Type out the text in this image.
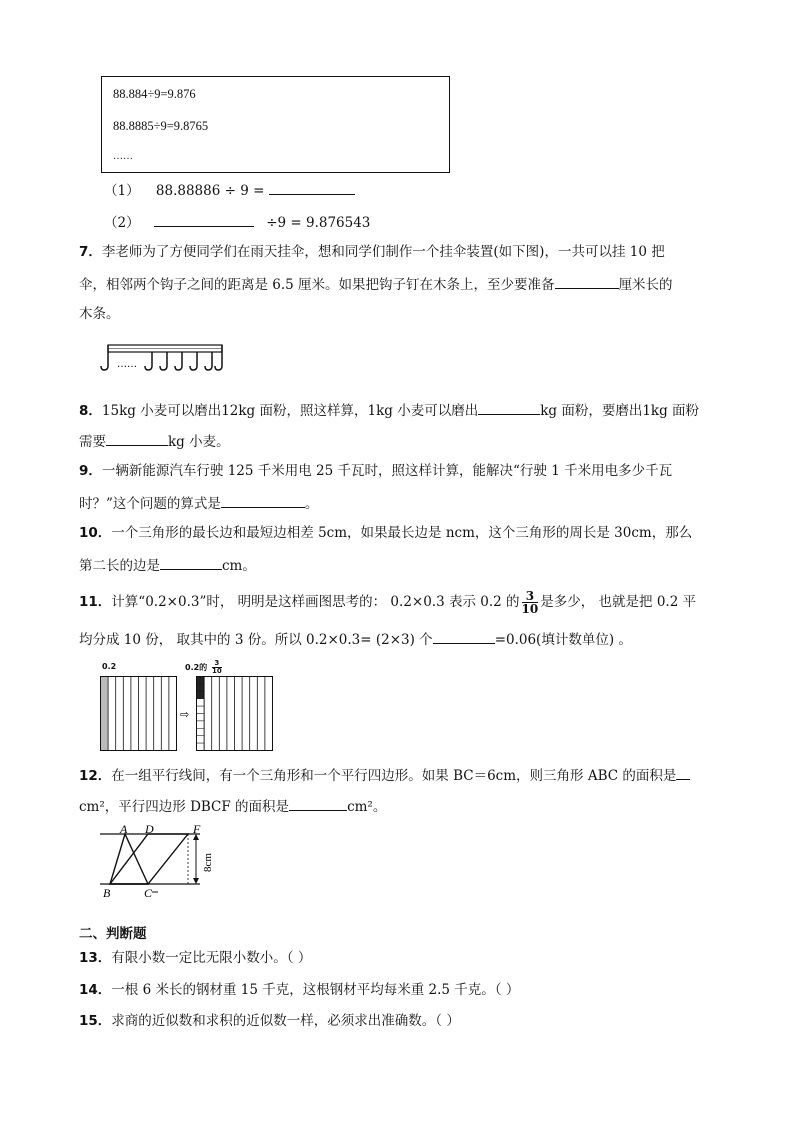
88.884÷9=9.876
88.8885÷9=9.8765
……
（1） 88.88886 ÷ 9 =
（2）	÷9 = 9.876543
7．李老师为了方便同学们在雨天挂伞，想和同学们制作一个挂伞装置(如下图)，一共可以挂 10 把
伞，相邻两个钩子之间的距离是 6.5 厘米。如果把钩子钉在木条上，至少要准备	厘米长的
木条。
……
8．15kg 小麦可以磨出12kg 面粉，照这样算，1kg 小麦可以磨出	kg 面粉，要磨出1kg 面粉
需要	kg 小麦。
9．一辆新能源汽车行驶 125 千米用电 25 千瓦时，照这样计算，能解决“行驶 1 千米用电多少千瓦
时？”这个问题的算式是	。
10．一个三角形的最长边和最短边相差 5cm，如果最长边是 ncm，这个三角形的周长是 30cm，那么
第二长的边是	cm。
11．计算“0.2×0.3”时， 明明是这样画图思考的： 0.2×0.3 表示 0.2 的 $\frac{3}{10}$ 是多少， 也就是把 0.2 平
均分成 10 份， 取其中的 3 份。所以 0.2×0.3= (2×3) 个	=0.06(填计数单位) 。
0.2	0.2的 $\frac{3}{10}$
⇨
12．在一组平行线间，有一个三角形和一个平行四边形。如果 BC＝6cm，则三角形 ABC 的面积是
cm²，平行四边形 DBCF 的面积是	cm²。
A D	F
B	C
8cm
二、判断题
13．有限小数一定比无限小数小。（ ）
14．一根 6 米长的钢材重 15 千克，这根钢材平均每米重 2.5 千克。（ ）
15．求商的近似数和求积的近似数一样，必须求出准确数。（ ）
